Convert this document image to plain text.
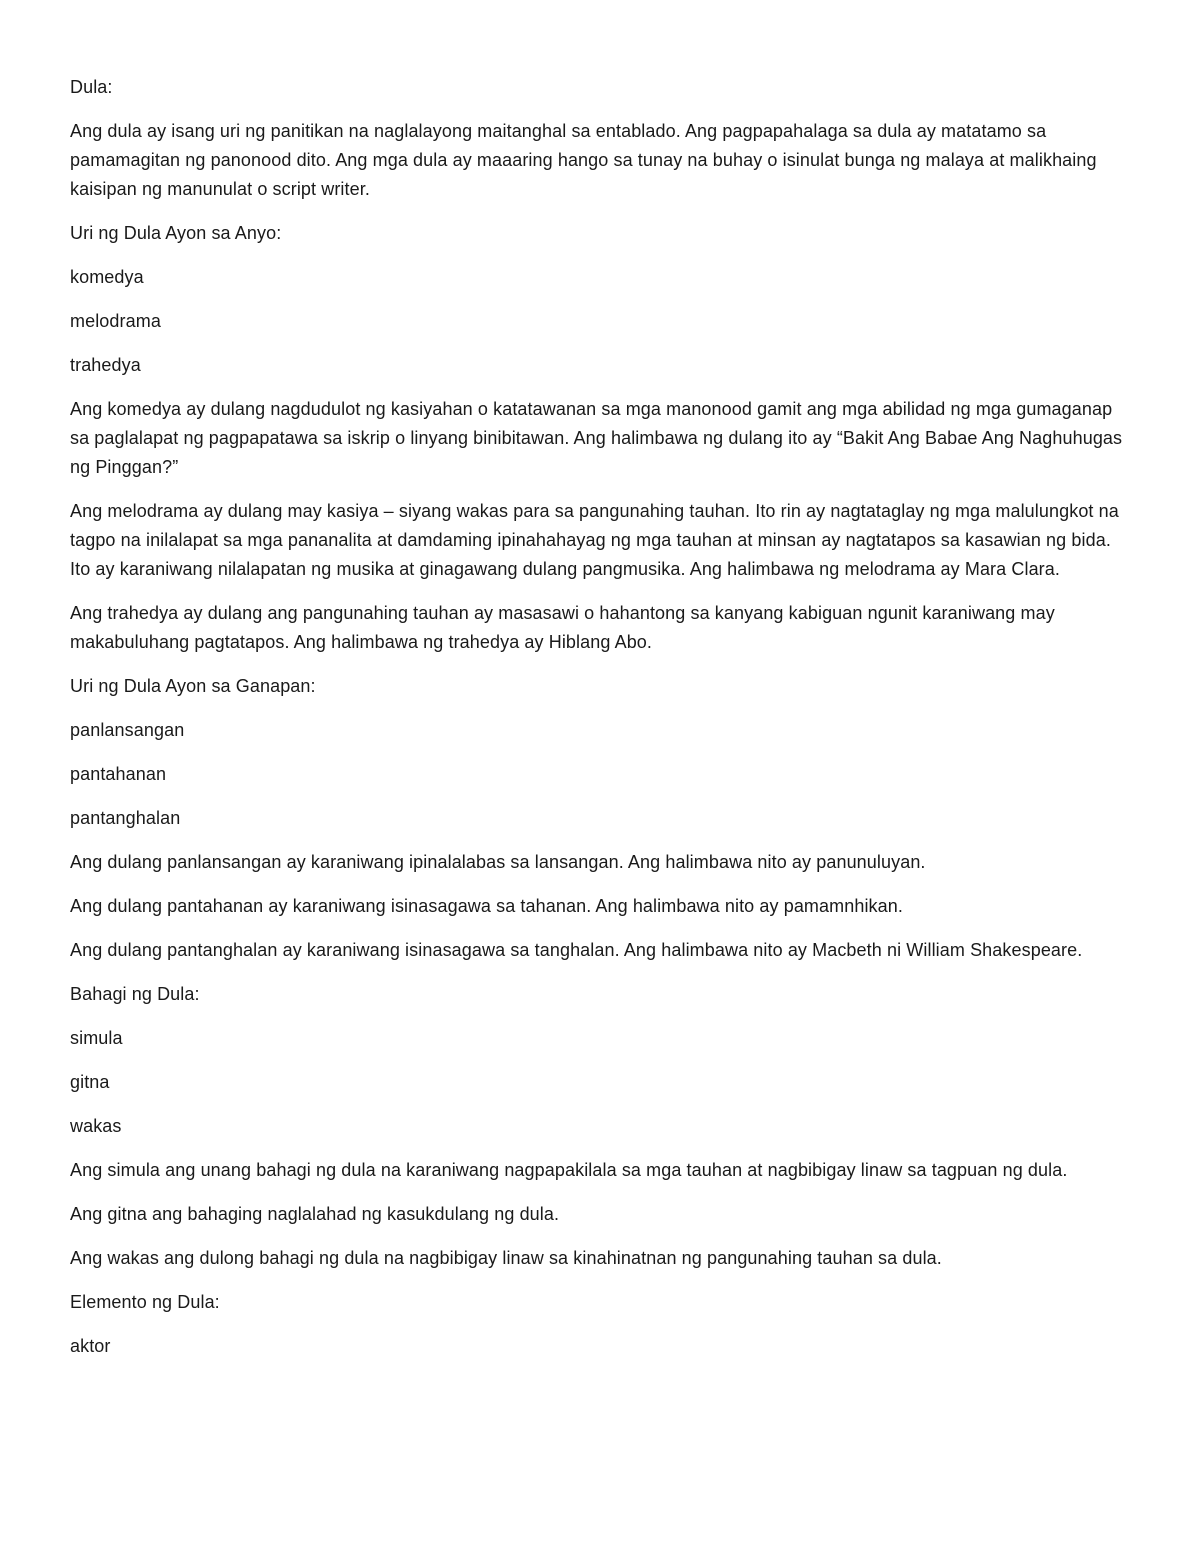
Dula:

Ang dula ay isang uri ng panitikan na naglalayong maitanghal sa entablado. Ang pagpapahalaga sa dula ay matatamo sa pamamagitan ng panonood dito. Ang mga dula ay maaaring hango sa tunay na buhay o isinulat bunga ng malaya at malikhaing kaisipan ng manunulat o script writer.

Uri ng Dula Ayon sa Anyo:

komedya

melodrama

trahedya

Ang komedya ay dulang nagdudulot ng kasiyahan o katatawanan sa mga manonood gamit ang mga abilidad ng mga gumaganap sa paglalapat ng pagpapatawa sa iskrip o linyang binibitawan. Ang halimbawa ng dulang ito ay “Bakit Ang Babae Ang Naghuhugas ng Pinggan?”

Ang melodrama ay dulang may kasiya – siyang wakas para sa pangunahing tauhan. Ito rin ay nagtataglay ng mga malulungkot na tagpo na inilalapat sa mga pananalita at damdaming ipinahahayag ng mga tauhan at minsan ay nagtatapos sa kasawian ng bida. Ito ay karaniwang nilalapatan ng musika at ginagawang dulang pangmusika. Ang halimbawa ng melodrama ay Mara Clara.

Ang trahedya ay dulang ang pangunahing tauhan ay masasawi o hahantong sa kanyang kabiguan ngunit karaniwang may makabuluhang pagtatapos. Ang halimbawa ng trahedya ay Hiblang Abo.

Uri ng Dula Ayon sa Ganapan:

panlansangan

pantahanan

pantanghalan

Ang dulang panlansangan ay karaniwang ipinalalabas sa lansangan. Ang halimbawa nito ay panunuluyan.

Ang dulang pantahanan ay karaniwang isinasagawa sa tahanan. Ang halimbawa nito ay pamamnhikan.

Ang dulang pantanghalan ay karaniwang isinasagawa sa tanghalan. Ang halimbawa nito ay Macbeth ni William Shakespeare.

Bahagi ng Dula:

simula

gitna

wakas

Ang simula ang unang bahagi ng dula na karaniwang nagpapakilala sa mga tauhan at nagbibigay linaw sa tagpuan ng dula.

Ang gitna ang bahaging naglalahad ng kasukdulang ng dula.

Ang wakas ang dulong bahagi ng dula na nagbibigay linaw sa kinahinatnan ng pangunahing tauhan sa dula.

Elemento ng Dula:

aktor
